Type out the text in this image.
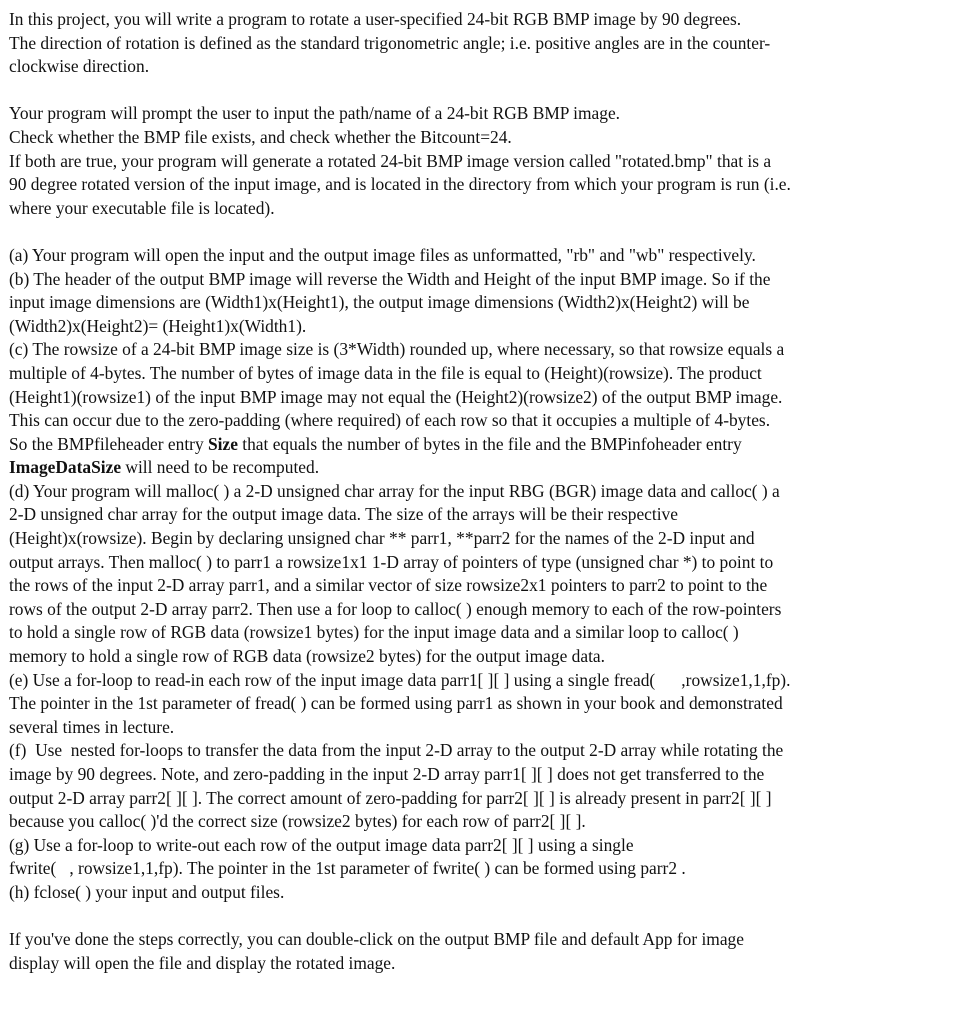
In this project, you will write a program to rotate a user-specified 24-bit RGB BMP image by 90 degrees.
The direction of rotation is defined as the standard trigonometric angle; i.e. positive angles are in the counter-
clockwise direction.

Your program will prompt the user to input the path/name of a 24-bit RGB BMP image.
Check whether the BMP file exists, and check whether the Bitcount=24.
If both are true, your program will generate a rotated 24-bit BMP image version called "rotated.bmp" that is a
90 degree rotated version of the input image, and is located in the directory from which your program is run (i.e.
where your executable file is located).

(a) Your program will open the input and the output image files as unformatted, "rb" and "wb" respectively.
(b) The header of the output BMP image will reverse the Width and Height of the input BMP image. So if the
input image dimensions are (Width1)x(Height1), the output image dimensions (Width2)x(Height2) will be
(Width2)x(Height2)= (Height1)x(Width1).
(c) The rowsize of a 24-bit BMP image size is (3*Width) rounded up, where necessary, so that rowsize equals a
multiple of 4-bytes. The number of bytes of image data in the file is equal to (Height)(rowsize). The product
(Height1)(rowsize1) of the input BMP image may not equal the (Height2)(rowsize2) of the output BMP image.
This can occur due to the zero-padding (where required) of each row so that it occupies a multiple of 4-bytes.
So the BMPfileheader entry Size that equals the number of bytes in the file and the BMPinfoheader entry
ImageDataSize will need to be recomputed.
(d) Your program will malloc( ) a 2-D unsigned char array for the input RBG (BGR) image data and calloc( ) a
2-D unsigned char array for the output image data. The size of the arrays will be their respective
(Height)x(rowsize). Begin by declaring unsigned char ** parr1, **parr2 for the names of the 2-D input and
output arrays. Then malloc( ) to parr1 a rowsize1x1 1-D array of pointers of type (unsigned char *) to point to
the rows of the input 2-D array parr1, and a similar vector of size rowsize2x1 pointers to parr2 to point to the
rows of the output 2-D array parr2. Then use a for loop to calloc( ) enough memory to each of the row-pointers
to hold a single row of RGB data (rowsize1 bytes) for the input image data and a similar loop to calloc( )
memory to hold a single row of RGB data (rowsize2 bytes) for the output image data.
(e) Use a for-loop to read-in each row of the input image data parr1[ ][ ] using a single fread(      ,rowsize1,1,fp).
The pointer in the 1st parameter of fread( ) can be formed using parr1 as shown in your book and demonstrated
several times in lecture.
(f)  Use  nested for-loops to transfer the data from the input 2-D array to the output 2-D array while rotating the
image by 90 degrees. Note, and zero-padding in the input 2-D array parr1[ ][ ] does not get transferred to the
output 2-D array parr2[ ][ ]. The correct amount of zero-padding for parr2[ ][ ] is already present in parr2[ ][ ]
because you calloc( )'d the correct size (rowsize2 bytes) for each row of parr2[ ][ ].
(g) Use a for-loop to write-out each row of the output image data parr2[ ][ ] using a single
fwrite(   , rowsize1,1,fp). The pointer in the 1st parameter of fwrite( ) can be formed using parr2 .
(h) fclose( ) your input and output files.

If you've done the steps correctly, you can double-click on the output BMP file and default App for image
display will open the file and display the rotated image.
